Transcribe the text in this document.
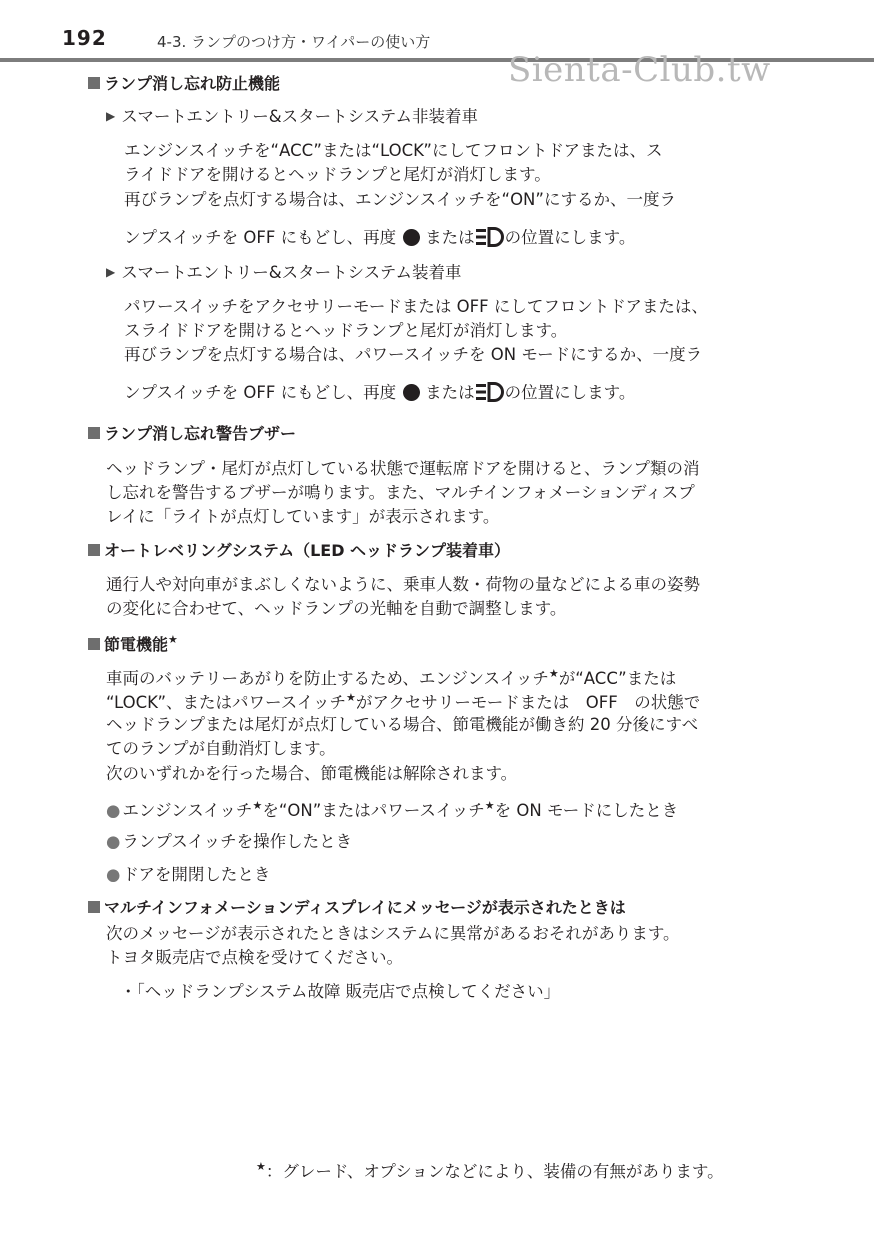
192	4-3. ランプのつけ方・ワイパーの使い方
Sienta-Club.tw
ランプ消し忘れ防止機能
▶ スマートエントリー&スタートシステム非装着車
エンジンスイッチを“ACC”または“LOCK”にしてフロントドアまたは、ス
ライドドアを開けるとヘッドランプと尾灯が消灯します。
再びランプを点灯する場合は、エンジンスイッチを“ON”にするか、一度ラ
ンプスイッチを OFF にもどし、再度 または の位置にします。
▶ スマートエントリー&スタートシステム装着車
パワースイッチをアクセサリーモードまたは OFF にしてフロントドアまたは、
スライドドアを開けるとヘッドランプと尾灯が消灯します。
再びランプを点灯する場合は、パワースイッチを ON モードにするか、一度ラ
ンプスイッチを OFF にもどし、再度 または の位置にします。
ランプ消し忘れ警告ブザー
ヘッドランプ・尾灯が点灯している状態で運転席ドアを開けると、ランプ類の消
し忘れを警告するブザーが鳴ります。また、マルチインフォメーションディスプ
レイに「ライトが点灯しています」が表示されます。
オートレベリングシステム（LED ヘッドランプ装着車）
通行人や対向車がまぶしくないように、乗車人数・荷物の量などによる車の姿勢
の変化に合わせて、ヘッドランプの光軸を自動で調整します。
節電機能★
車両のバッテリーあがりを防止するため、エンジンスイッチ★が“ACC”または
“LOCK”、またはパワースイッチ★がアクセサリーモードまたは　OFF　の状態で
ヘッドランプまたは尾灯が点灯している場合、節電機能が働き約 20 分後にすべ
てのランプが自動消灯します。
次のいずれかを行った場合、節電機能は解除されます。
● エンジンスイッチ★を“ON”またはパワースイッチ★を ON モードにしたとき
● ランプスイッチを操作したとき
● ドアを開閉したとき
マルチインフォメーションディスプレイにメッセージが表示されたときは
次のメッセージが表示されたときはシステムに異常があるおそれがあります。
トヨタ販売店で点検を受けてください。
・「ヘッドランプシステム故障 販売店で点検してください」
★：グレード、オプションなどにより、装備の有無があります。
